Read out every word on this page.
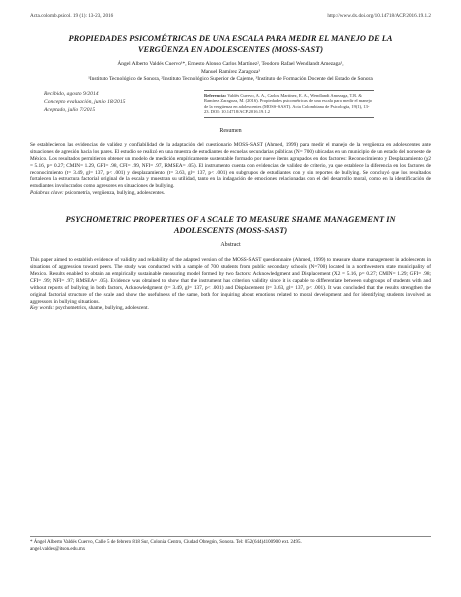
Acta.colomb.psicol. 19 (1): 13-23, 2016	http://www.dx.doi.org/10.14718/ACP.2016.19.1.2
PROPIEDADES PSICOMÉTRICAS DE UNA ESCALA PARA MEDIR EL MANEJO DE LA VERGÜENZA EN ADOLESCENTES (MOSS-SAST)
Ángel Alberto Valdés Cuervo¹*, Ernesto Alonso Carlos Martínez², Teodoro Rafael Wendlandt Amezaga¹,
Manuel Ramírez Zaragoza³
¹Instituto Tecnológico de Sonora, ²Instituto Tecnológico Superior de Cajeme, ³Instituto de Formación Docente del Estado de Sonora
Recibido, agosto 9/2014
Concepto evaluación, junio 18/2015
Aceptado, julio 7/2015
Referencia: Valdés Cuervo, A. A., Carlos Martínez, E. A., Wendlandt Amezaga, T.R. & Ramírez Zaragoza, M. (2016). Propiedades psicométricas de una escala para medir el manejo de la vergüenza en adolescentes (MOSS-SAST). Acta Colombiana de Psicología, 19(1), 13-23. DOI: 10.14718/ACP.2016.19.1.2
Resumen
Se establecieron las evidencias de validez y confiabilidad de la adaptación del cuestionario MOSS-SAST (Ahmed, 1999) para medir el manejo de la vergüenza en adolescentes ante situaciones de agresión hacia los pares. El estudio se realizó en una muestra de estudiantes de escuelas secundarias públicas (N= 700) ubicadas en un municipio de un estado del noroeste de México. Los resultados permitieron obtener un modelo de medición empíricamente sustentable formado por nueve ítems agrupados en dos factores: Reconocimiento y Desplazamiento (χ2 = 5.16, p= 0.27; CMIN= 1.29, GFI= .98, CFI= .99, NFI= .97, RMSEA= .05). El instrumento cuenta con evidencias de validez de criterio, ya que establece la diferencia en los factores de reconocimiento (t= 3.49, gl= 137, p< .001) y desplazamiento (t= 3.63, gl= 137, p< .001) en subgrupos de estudiantes con y sin reportes de bullying. Se concluyó que los resultados fortalecen la estructura factorial original de la escala y muestran su utilidad, tanto en la indagación de emociones relacionadas con el del desarrollo moral, como en la identificación de estudiantes involucrados como agresores en situaciones de bullying.
Palabras clave: psicometría, vergüenza, bullying, adolescentes.
PSYCHOMETRIC PROPERTIES OF A SCALE TO MEASURE SHAME MANAGEMENT IN ADOLESCENTS (MOSS-SAST)
Abstract
This paper aimed to establish evidence of validity and reliability of the adapted version of the MOSS-SAST questionnaire (Ahmed, 1999) to measure shame management in adolescents in situations of aggression toward peers. The study was conducted with a sample of 700 students from public secondary schools (N=700) located in a northwestern state municipality of Mexico. Results enabled to obtain an empirically sustainable measuring model formed by two factors: Acknowledgment and Displacement (X2 = 5.16, p= 0.27; CMIN= 1.29; GFI= .98; CFI= .99; NFI= .97; RMSEA= .05). Evidence was obtained to show that the instrument has criterion validity since it is capable to differentiate between subgroups of students with and without reports of bullying in both factors, Acknowledgment (t= 3.49, gl= 137, p< .001) and Displacement (t= 3.63, gl= 137, p< .001). It was concluded that the results strengthen the original factorial structure of the scale and show the usefulness of the same, both for inquiring about emotions related to moral development and for identifying students involved as aggressors in bullying situations.
Key words: psychometrics, shame, bullying, adolescent.
* Ángel Alberto Valdés Cuervo, Calle 5 de febrero 818 Sur, Colonia Centro, Ciudad Obregón, Sonora. Tel: 052(644)4100900 ext. 2495.
angel.valdes@itson.edu.mx
